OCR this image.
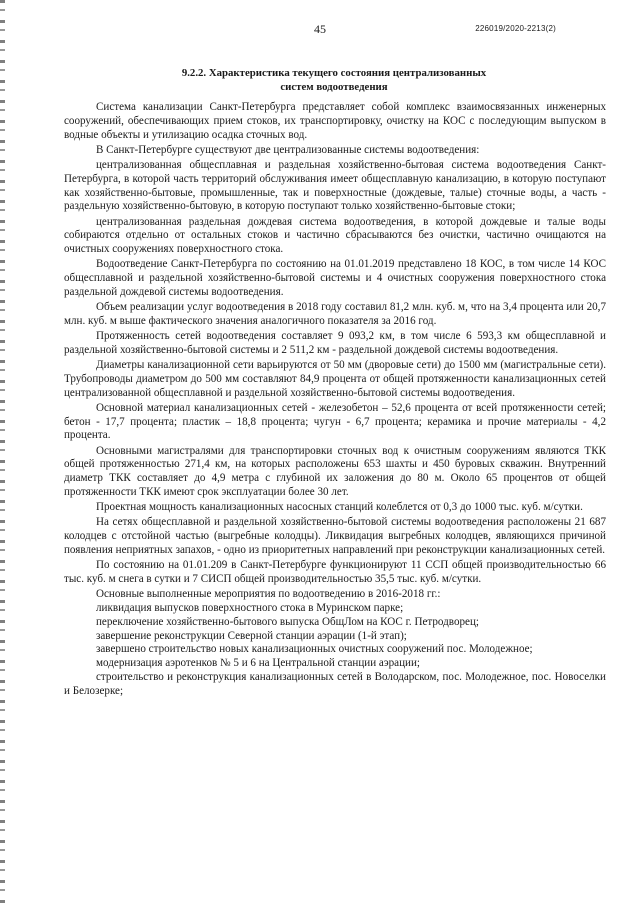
45	226019/2020-2213(2)
9.2.2. Характеристика текущего состояния централизованных
систем водоотведения

Система канализации Санкт-Петербурга представляет собой комплекс взаимосвязанных инженерных сооружений, обеспечивающих прием стоков, их транспортировку, очистку на КОС с последующим выпуском в водные объекты и утилизацию осадка сточных вод.

В Санкт-Петербурге существуют две централизованные системы водоотведения:

централизованная общесплавная и раздельная хозяйственно-бытовая система водоотведения Санкт-Петербурга, в которой часть территорий обслуживания имеет общесплавную канализацию, в которую поступают как хозяйственно-бытовые, промышленные, так и поверхностные (дождевые, талые) сточные воды, а часть - раздельную хозяйственно-бытовую, в которую поступают только хозяйственно-бытовые стоки;

централизованная раздельная дождевая система водоотведения, в которой дождевые и талые воды собираются отдельно от остальных стоков и частично сбрасываются без очистки, частично очищаются на очистных сооружениях поверхностного стока.

Водоотведение Санкт-Петербурга по состоянию на 01.01.2019 представлено 18 КОС, в том числе 14 КОС общесплавной и раздельной хозяйственно-бытовой системы и 4 очистных сооружения поверхностного стока раздельной дождевой системы водоотведения.

Объем реализации услуг водоотведения в 2018 году составил 81,2 млн. куб. м, что на 3,4 процента или 20,7 млн. куб. м выше фактического значения аналогичного показателя за 2016 год.

Протяженность сетей водоотведения составляет 9 093,2 км, в том числе 6 593,3 км общесплавной и раздельной хозяйственно-бытовой системы и 2 511,2 км - раздельной дождевой системы водоотведения.

Диаметры канализационной сети варьируются от 50 мм (дворовые сети) до 1500 мм (магистральные сети). Трубопроводы диаметром до 500 мм составляют 84,9 процента от общей протяженности канализационных сетей централизованной общесплавной и раздельной хозяйственно-бытовой системы водоотведения.

Основной материал канализационных сетей - железобетон – 52,6 процента от всей протяженности сетей; бетон - 17,7 процента; пластик – 18,8 процента; чугун - 6,7 процента; керамика и прочие материалы - 4,2 процента.

Основными магистралями для транспортировки сточных вод к очистным сооружениям являются ТКК общей протяженностью 271,4 км, на которых расположены 653 шахты и 450 буровых скважин. Внутренний диаметр ТКК составляет до 4,9 метра с глубиной их заложения до 80 м. Около 65 процентов от общей протяженности ТКК имеют срок эксплуатации более 30 лет.

Проектная мощность канализационных насосных станций колеблется от 0,3 до 1000 тыс. куб. м/сутки.

На сетях общесплавной и раздельной хозяйственно-бытовой системы водоотведения расположены 21 687 колодцев с отстойной частью (выгребные колодцы). Ликвидация выгребных колодцев, являющихся причиной появления неприятных запахов, - одно из приоритетных направлений при реконструкции канализационных сетей.

По состоянию на 01.01.209 в Санкт-Петербурге функционируют 11 ССП общей производительностью 66 тыс. куб. м снега в сутки и 7 СИСП общей производительностью 35,5 тыс. куб. м/сутки.

Основные выполненные мероприятия по водоотведению в 2016-2018 гг.:

ликвидация выпусков поверхностного стока в Муринском парке;

переключение хозяйственно-бытового выпуска ОбщЛом на КОС г. Петродворец;

завершение реконструкции Северной станции аэрации (1-й этап);

завершено строительство новых канализационных очистных сооружений пос. Молодежное;

модернизация аэротенков № 5 и 6 на Центральной станции аэрации;

строительство и реконструкция канализационных сетей в Володарском, пос. Молодежное, пос. Новоселки и Белозерке;
